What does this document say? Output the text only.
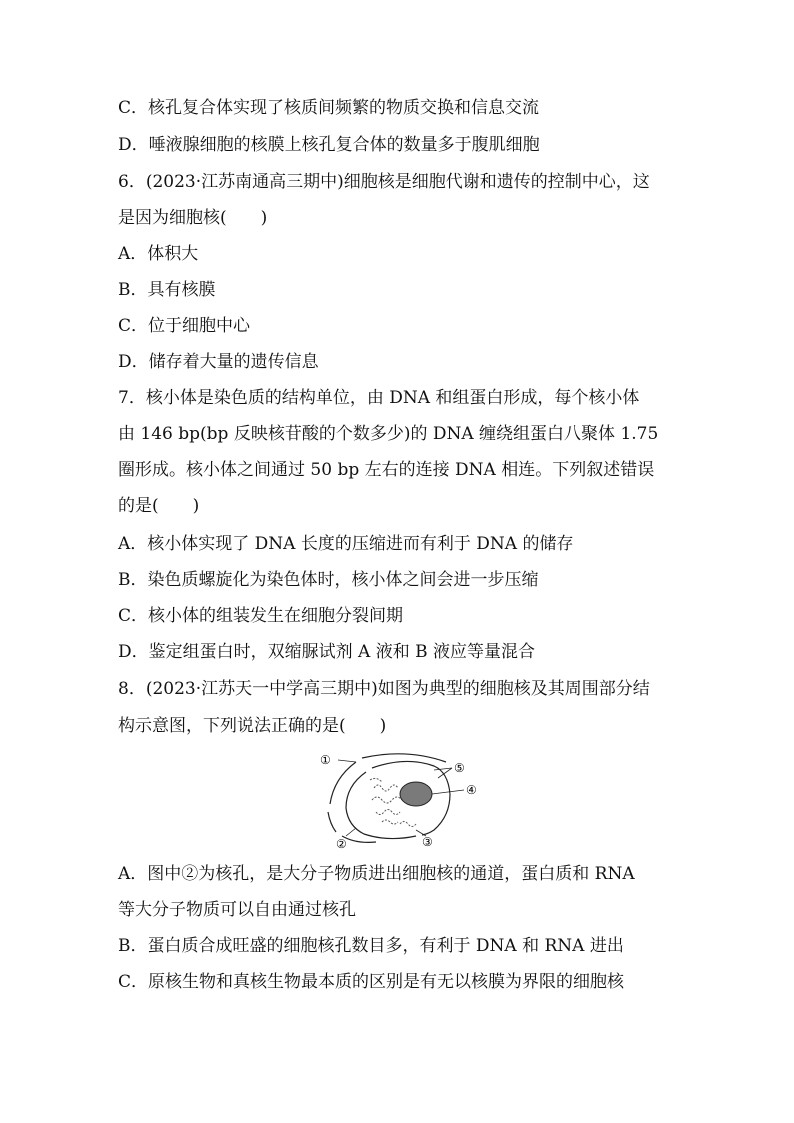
C．核孔复合体实现了核质间频繁的物质交换和信息交流
D．唾液腺细胞的核膜上核孔复合体的数量多于腹肌细胞
6．(2023·江苏南通高三期中)细胞核是细胞代谢和遗传的控制中心，这
是因为细胞核(　　)
A．体积大
B．具有核膜
C．位于细胞中心
D．储存着大量的遗传信息
7．核小体是染色质的结构单位，由 DNA 和组蛋白形成，每个核小体
由 146 bp(bp 反映核苷酸的个数多少)的 DNA 缠绕组蛋白八聚体 1.75
圈形成。核小体之间通过 50 bp 左右的连接 DNA 相连。下列叙述错误
的是(　　)
A．核小体实现了 DNA 长度的压缩进而有利于 DNA 的储存
B．染色质螺旋化为染色体时，核小体之间会进一步压缩
C．核小体的组装发生在细胞分裂间期
D．鉴定组蛋白时，双缩脲试剂 A 液和 B 液应等量混合
8．(2023·江苏天一中学高三期中)如图为典型的细胞核及其周围部分结
构示意图，下列说法正确的是(　　)
①
②	③
④
⑤
A．图中②为核孔，是大分子物质进出细胞核的通道，蛋白质和 RNA
等大分子物质可以自由通过核孔
B．蛋白质合成旺盛的细胞核孔数目多，有利于 DNA 和 RNA 进出
C．原核生物和真核生物最本质的区别是有无以核膜为界限的细胞核
